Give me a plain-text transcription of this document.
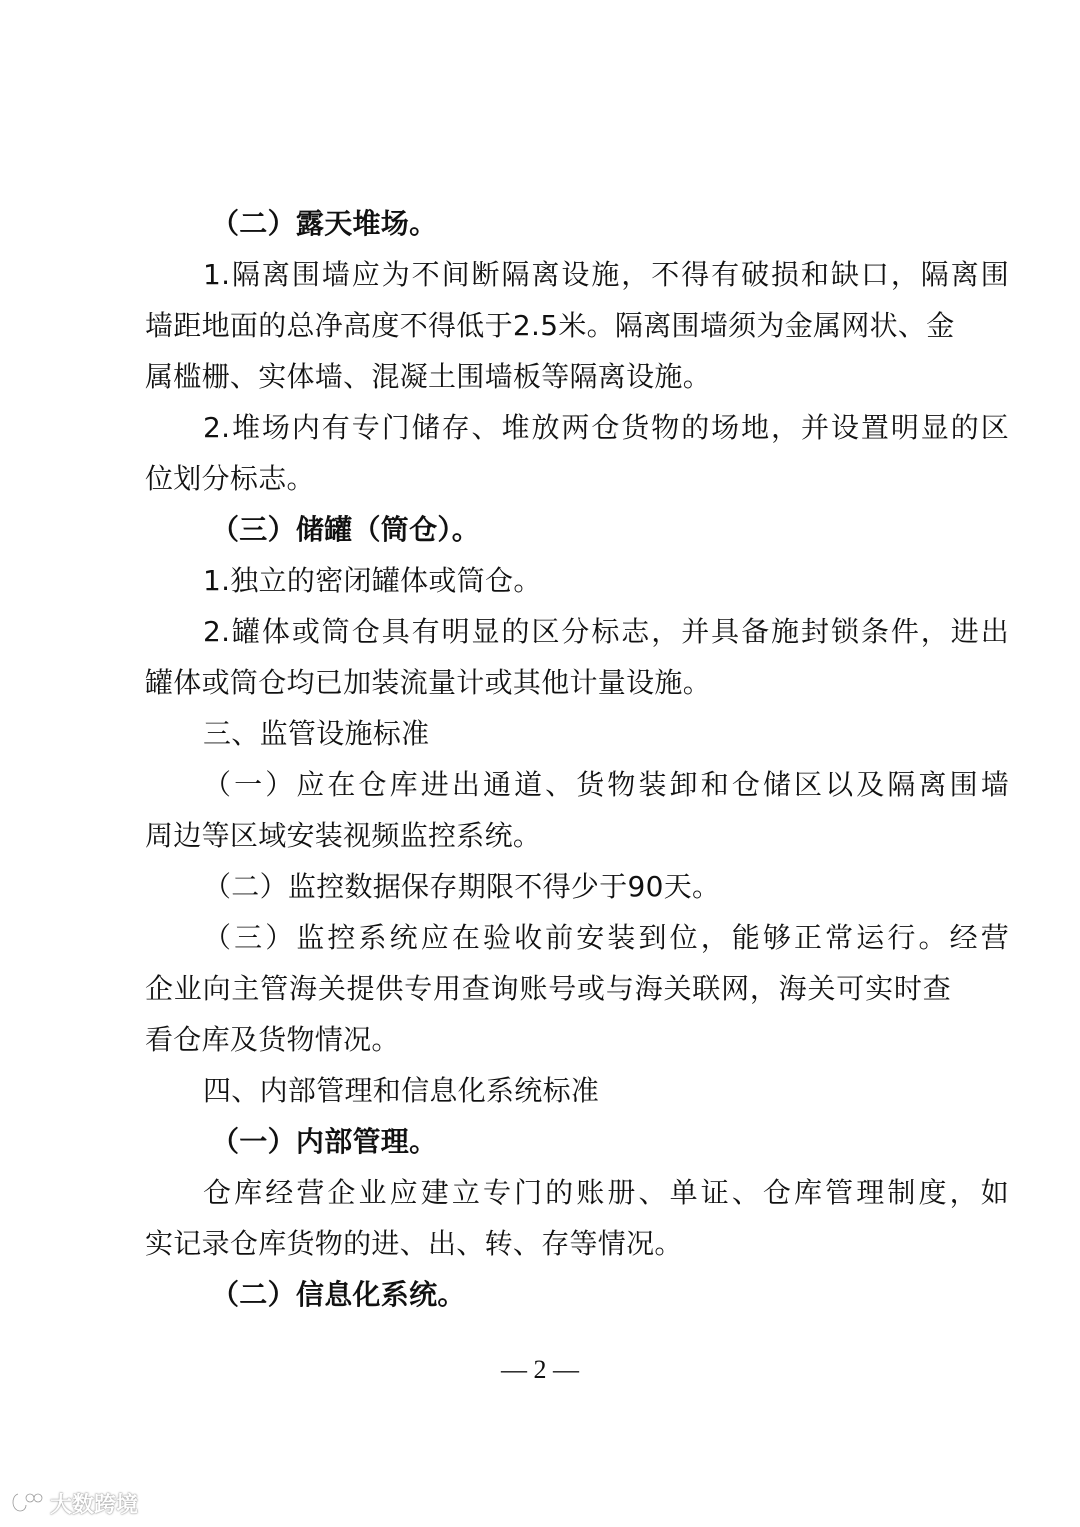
（二）露天堆场。
1.隔离围墙应为不间断隔离设施，不得有破损和缺口，隔离围
墙距地面的总净高度不得低于2.5米。隔离围墙须为金属网状、金
属槛栅、实体墙、混凝土围墙板等隔离设施。
2.堆场内有专门储存、堆放两仓货物的场地，并设置明显的区
位划分标志。
（三）储罐（筒仓）。
1.独立的密闭罐体或筒仓。
2.罐体或筒仓具有明显的区分标志，并具备施封锁条件，进出
罐体或筒仓均已加装流量计或其他计量设施。
三、监管设施标准
（一）应在仓库进出通道、货物装卸和仓储区以及隔离围墙
周边等区域安装视频监控系统。
（二）监控数据保存期限不得少于90天。
（三）监控系统应在验收前安装到位，能够正常运行。经营
企业向主管海关提供专用查询账号或与海关联网，海关可实时查
看仓库及货物情况。
四、内部管理和信息化系统标准
（一）内部管理。
仓库经营企业应建立专门的账册、单证、仓库管理制度，如
实记录仓库货物的进、出、转、存等情况。
（二）信息化系统。
— 2 —
大数跨境
